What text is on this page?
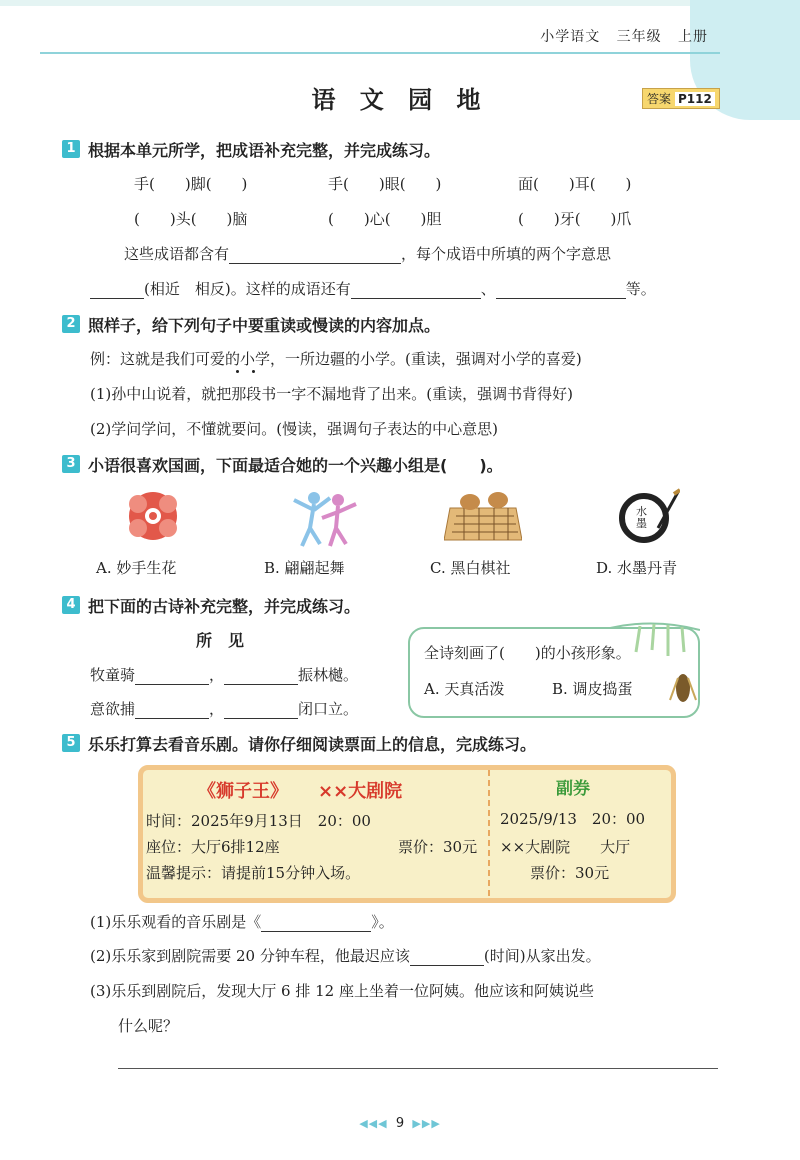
小学语文 三年级 上册
语 文 园 地	答案 P112
1 根据本单元所学，把成语补充完整，并完成练习。
手(　　)脚(　　)	手(　　)眼(　　)	面(　　)耳(　　)
(　　)头(　　)脑	(　　)心(　　)胆	(　　)牙(　　)爪
这些成语都含有	，每个成语中所填的两个字意思
(相近　相反)。这样的成语还有	、	等。
2 照样子，给下列句子中要重读或慢读的内容加点。
例：这就是我们可爱的小学，一所边疆的小学。(重读，强调对小学的喜爱)
(1)孙中山说着，就把那段书一字不漏地背了出来。(重读，强调书背得好)
(2)学问学问，不懂就要问。(慢读，强调句子表达的中心意思)
3 小语很喜欢国画，下面最适合她的一个兴趣小组是(　　)。
水墨
A. 妙手生花	B. 翩翩起舞	C. 黑白棋社	D. 水墨丹青
4 把下面的古诗补充完整，并完成练习。
所　见
牧童骑	，	振林樾。
意欲捕	，	闭口立。
全诗刻画了(　　)的小孩形象。
A. 天真活泼	B. 调皮捣蛋
5 乐乐打算去看音乐剧。请你仔细阅读票面上的信息，完成练习。
《狮子王》 ××大剧院
时间：2025年9月13日　20：00
座位：大厅6排12座	票价：30元
温馨提示：请提前15分钟入场。
副券
2025/9/13　20：00
××大剧院　　大厅
票价：30元
(1)乐乐观看的音乐剧是《	》。
(2)乐乐家到剧院需要 20 分钟车程，他最迟应该	(时间)从家出发。
(3)乐乐到剧院后，发现大厅 6 排 12 座上坐着一位阿姨。他应该和阿姨说些
什么呢？
◀◀◀ 9 ▶▶▶
